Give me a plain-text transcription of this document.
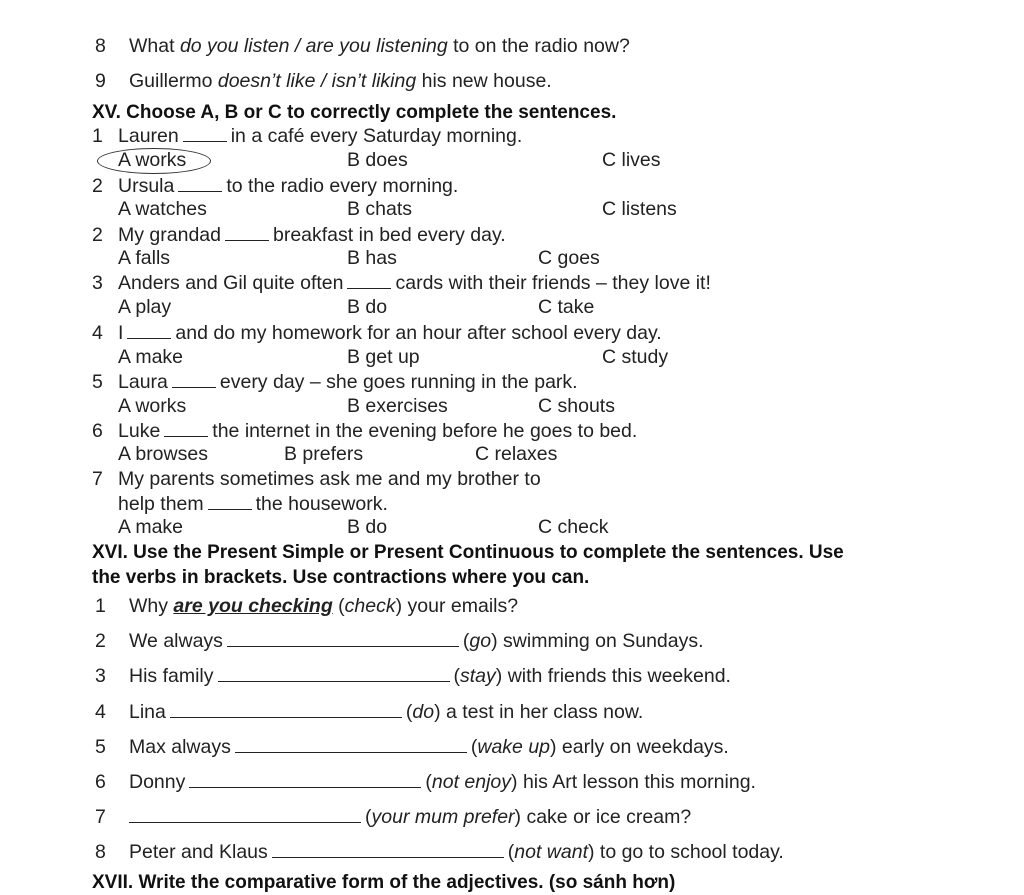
8 What do you listen / are you listening to on the radio now?
9 Guillermo doesn’t like / isn’t liking his new house.
XV. Choose A, B or C to correctly complete the sentences.
1 Lauren	in a café every Saturday morning.
A works	B does	C lives
2 Ursula	to the radio every morning.
A watches	B chats	C listens
2 My grandad	breakfast in bed every day.
A falls	B has	C goes
3 Anders and Gil quite often	cards with their friends – they love it!
A play	B do	C take
4 I	and do my homework for an hour after school every day.
A make	B get up	C study
5 Laura	every day – she goes running in the park.
A works	B exercises	C shouts
6 Luke	the internet in the evening before he goes to bed.
A browses	B prefers	C relaxes
7 My parents sometimes ask me and my brother to
help them	the housework.
A make	B do	C check
XVI. Use the Present Simple or Present Continuous to complete the sentences. Use
the verbs in brackets. Use contractions where you can.
1 Why are you checking (check) your emails?
2 We always	(go) swimming on Sundays.
3 His family	(stay) with friends this weekend.
4 Lina	(do) a test in her class now.
5 Max always	(wake up) early on weekdays.
6 Donny	(not enjoy) his Art lesson this morning.
7	(your mum prefer) cake or ice cream?
8 Peter and Klaus	(not want) to go to school today.
XVII. Write the comparative form of the adjectives. (so sánh hơn)
